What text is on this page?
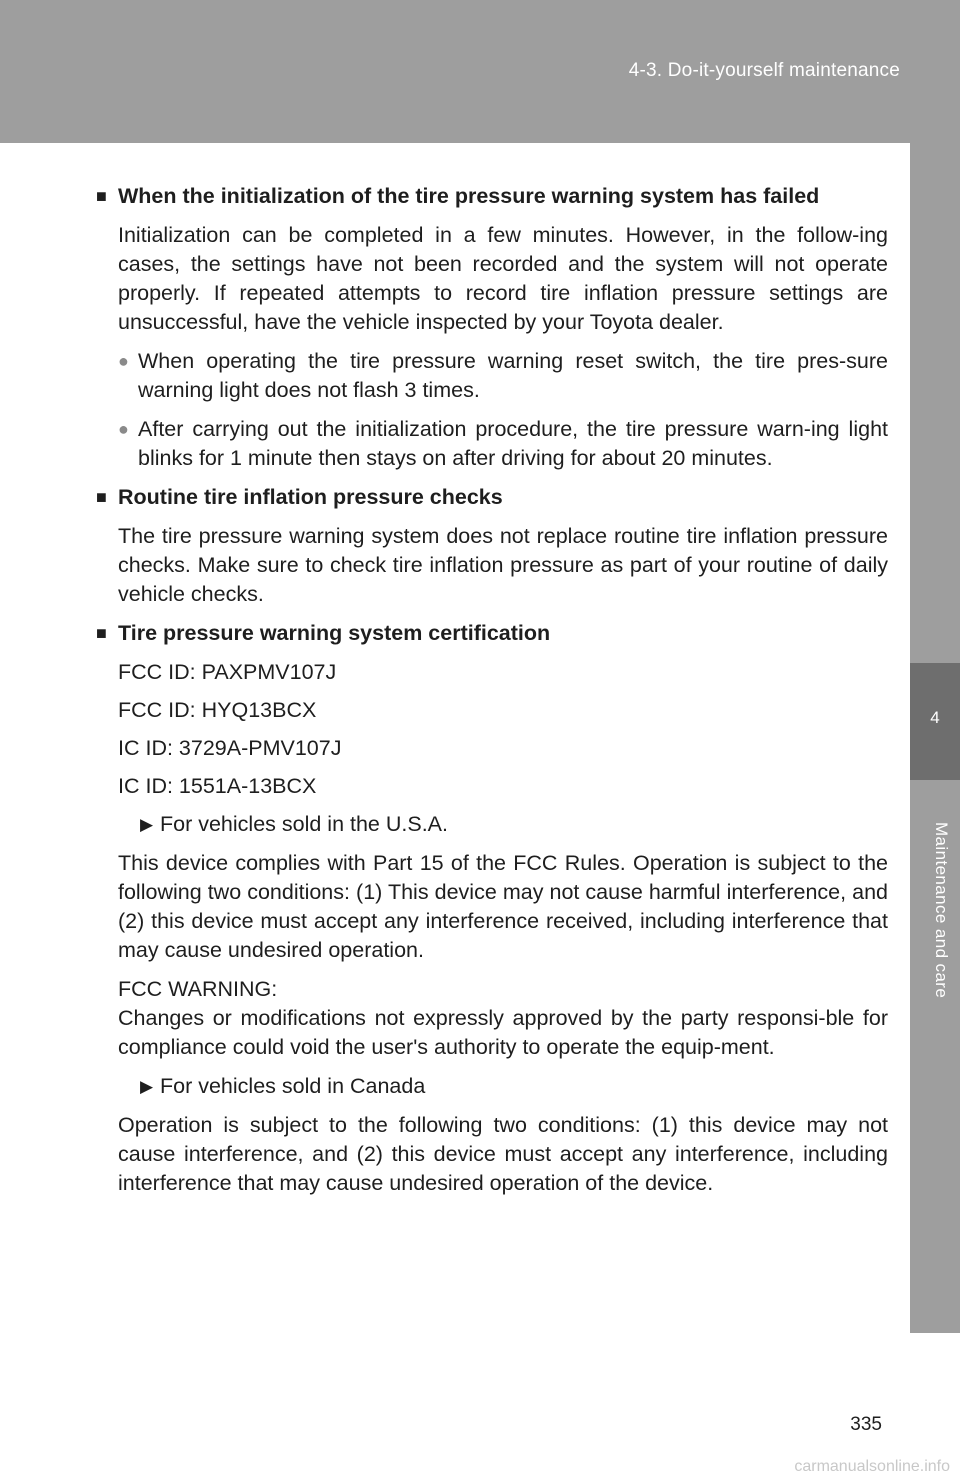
4-3. Do-it-yourself maintenance
4
Maintenance and care
■ When the initialization of the tire pressure warning system has failed
Initialization can be completed in a few minutes. However, in the follow-ing cases, the settings have not been recorded and the system will not operate properly. If repeated attempts to record tire inflation pressure settings are unsuccessful, have the vehicle inspected by your Toyota dealer.
● When operating the tire pressure warning reset switch, the tire pres-sure warning light does not flash 3 times.
● After carrying out the initialization procedure, the tire pressure warn-ing light blinks for 1 minute then stays on after driving for about 20 minutes.
■ Routine tire inflation pressure checks
The tire pressure warning system does not replace routine tire inflation pressure checks. Make sure to check tire inflation pressure as part of your routine of daily vehicle checks.
■ Tire pressure warning system certification
FCC ID: PAXPMV107J
FCC ID: HYQ13BCX
IC ID: 3729A-PMV107J
IC ID: 1551A-13BCX
▶ For vehicles sold in the U.S.A.
This device complies with Part 15 of the FCC Rules. Operation is subject to the following two conditions: (1) This device may not cause harmful interference, and (2) this device must accept any interference received, including interference that may cause undesired operation.
FCC WARNING:
Changes or modifications not expressly approved by the party responsi-ble for compliance could void the user's authority to operate the equip-ment.
▶ For vehicles sold in Canada
Operation is subject to the following two conditions: (1) this device may not cause interference, and (2) this device must accept any interference, including interference that may cause undesired operation of the device.
335
carmanualsonline.info
